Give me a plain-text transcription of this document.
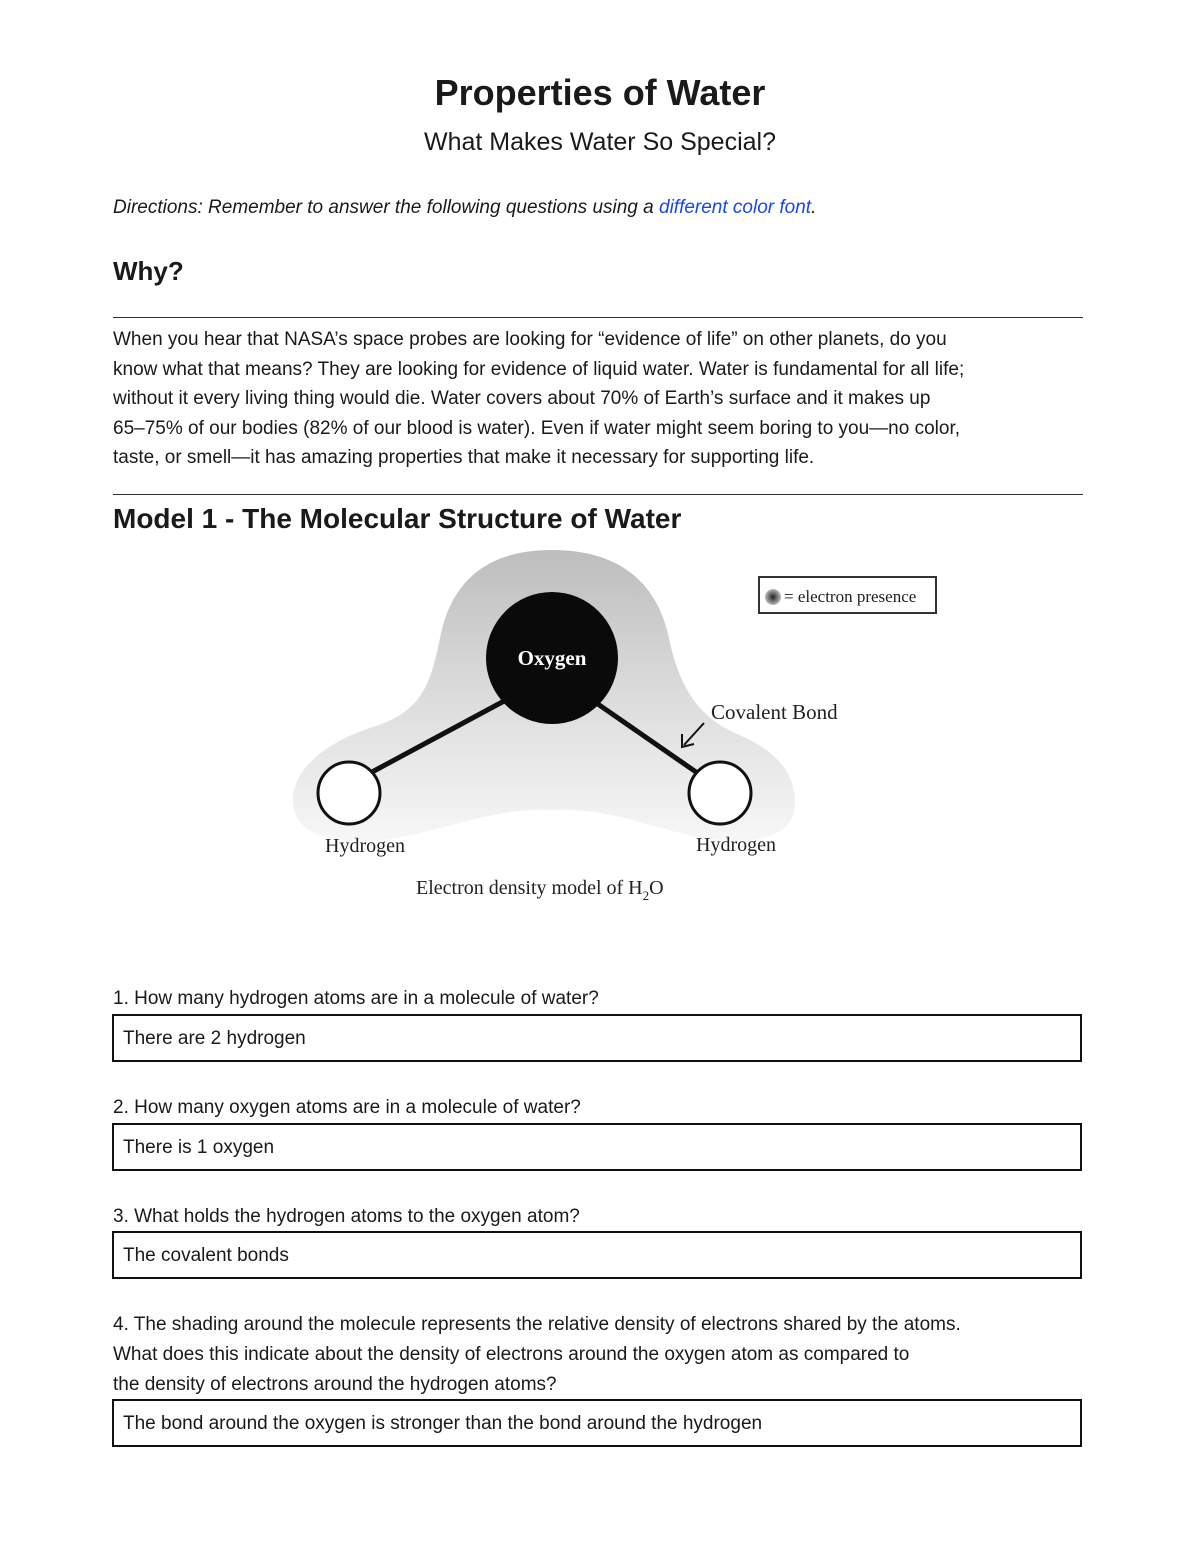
Properties of Water
What Makes Water So Special?

Directions: Remember to answer the following questions using a different color font.

Why?

When you hear that NASA’s space probes are looking for “evidence of life” on other planets, do you
know what that means? They are looking for evidence of liquid water. Water is fundamental for all life;
without it every living thing would die. Water covers about 70% of Earth’s surface and it makes up
65–75% of our bodies (82% of our blood is water). Even if water might seem boring to you—no color,
taste, or smell—it has amazing properties that make it necessary for supporting life.

Model 1 - The Molecular Structure of Water
Oxygen
Hydrogen	Hydrogen
Covalent Bond
= electron presence
Electron density model of $H_2O$

1. How many hydrogen atoms are in a molecule of water?

There are 2 hydrogen

2. How many oxygen atoms are in a molecule of water?

There is 1 oxygen

3. What holds the hydrogen atoms to the oxygen atom?

The covalent bonds

4. The shading around the molecule represents the relative density of electrons shared by the atoms.
What does this indicate about the density of electrons around the oxygen atom as compared to
the density of electrons around the hydrogen atoms?

The bond around the oxygen is stronger than the bond around the hydrogen
